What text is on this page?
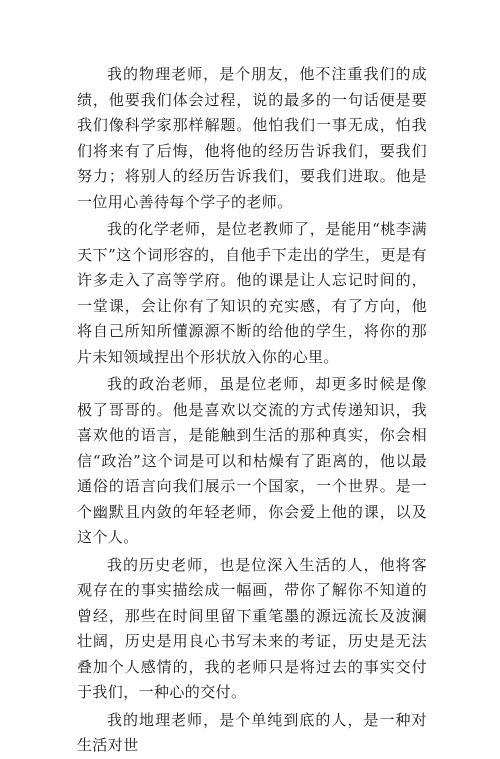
我的物理老师，是个朋友，他不注重我们的成绩，他要我们体会过程，说的最多的一句话便是要我们像科学家那样解题。他怕我们一事无成，怕我们将来有了后悔，他将他的经历告诉我们，要我们努力；将别人的经历告诉我们，要我们进取。他是一位用心善待每个学子的老师。

我的化学老师，是位老教师了，是能用“桃李满天下”这个词形容的，自他手下走出的学生，更是有许多走入了高等学府。他的课是让人忘记时间的，一堂课，会让你有了知识的充实感，有了方向，他将自己所知所懂源源不断的给他的学生，将你的那片未知领域捏出个形状放入你的心里。

我的政治老师，虽是位老师，却更多时候是像极了哥哥的。他是喜欢以交流的方式传递知识，我喜欢他的语言，是能触到生活的那种真实，你会相信“政治”这个词是可以和枯燥有了距离的，他以最通俗的语言向我们展示一个国家，一个世界。是一个幽默且内敛的年轻老师，你会爱上他的课，以及这个人。

我的历史老师，也是位深入生活的人，他将客观存在的事实描绘成一幅画，带你了解你不知道的曾经，那些在时间里留下重笔墨的源远流长及波澜壮阔，历史是用良心书写未来的考证，历史是无法叠加个人感情的，我的老师只是将过去的事实交付于我们，一种心的交付。

我的地理老师，是个单纯到底的人，是一种对生活对世
